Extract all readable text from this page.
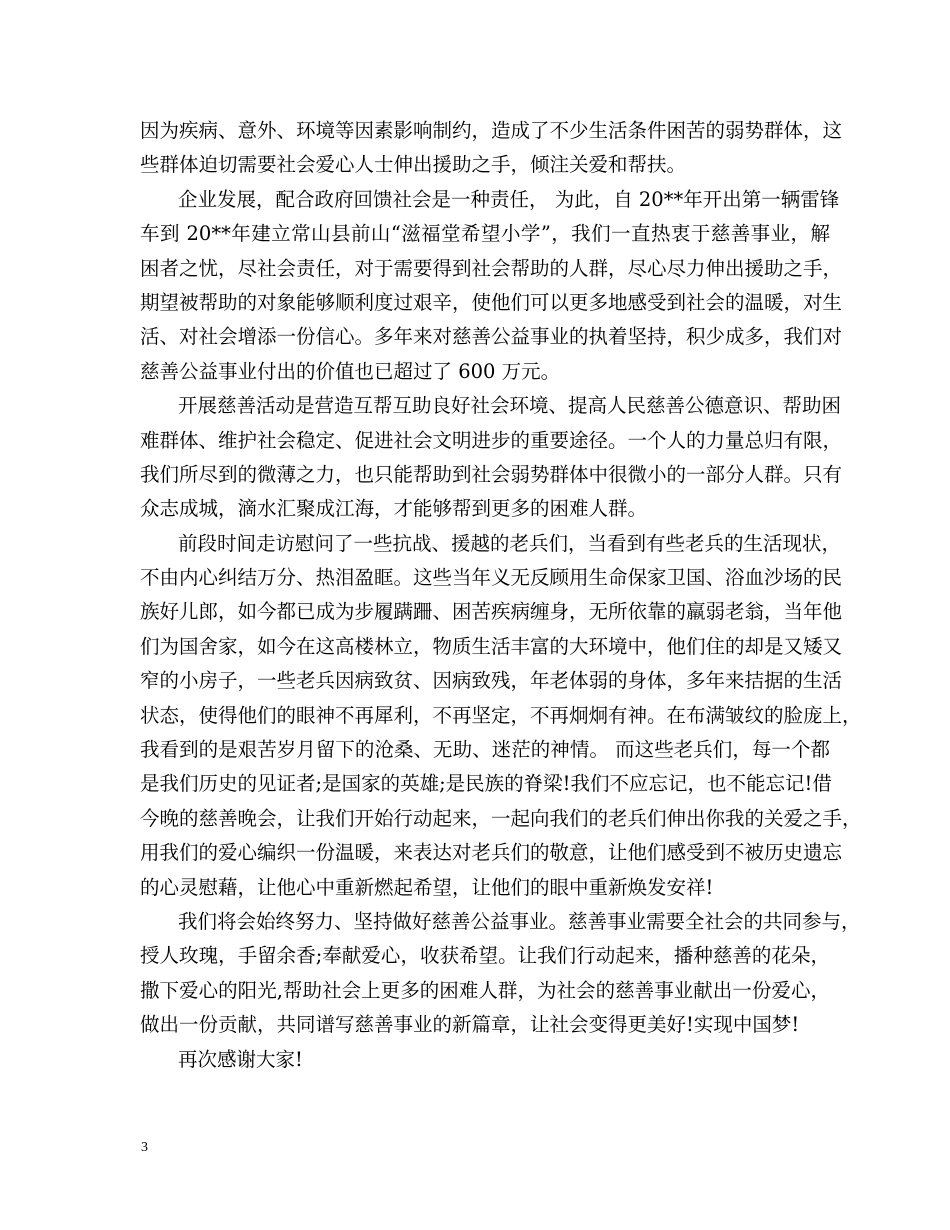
因为疾病、意外、环境等因素影响制约，造成了不少生活条件困苦的弱势群体，这
些群体迫切需要社会爱心人士伸出援助之手，倾注关爱和帮扶。
企业发展，配合政府回馈社会是一种责任， 为此，自 20**年开出第一辆雷锋
车到 20**年建立常山县前山“滋福堂希望小学”，我们一直热衷于慈善事业，解
困者之忧，尽社会责任，对于需要得到社会帮助的人群，尽心尽力伸出援助之手，
期望被帮助的对象能够顺利度过艰辛，使他们可以更多地感受到社会的温暖，对生
活、对社会增添一份信心。多年来对慈善公益事业的执着坚持，积少成多，我们对
慈善公益事业付出的价值也已超过了 600 万元。
开展慈善活动是营造互帮互助良好社会环境、提高人民慈善公德意识、帮助困
难群体、维护社会稳定、促进社会文明进步的重要途径。一个人的力量总归有限，
我们所尽到的微薄之力，也只能帮助到社会弱势群体中很微小的一部分人群。只有
众志成城，滴水汇聚成江海，才能够帮到更多的困难人群。
前段时间走访慰问了一些抗战、援越的老兵们，当看到有些老兵的生活现状，
不由内心纠结万分、热泪盈眶。这些当年义无反顾用生命保家卫国、浴血沙场的民
族好儿郎，如今都已成为步履蹒跚、困苦疾病缠身，无所依靠的羸弱老翁，当年他
们为国舍家，如今在这高楼林立，物质生活丰富的大环境中，他们住的却是又矮又
窄的小房子，一些老兵因病致贫、因病致残，年老体弱的身体，多年来拮据的生活
状态，使得他们的眼神不再犀利，不再坚定，不再炯炯有神。在布满皱纹的脸庞上，
我看到的是艰苦岁月留下的沧桑、无助、迷茫的神情。 而这些老兵们，每一个都
是我们历史的见证者;是国家的英雄;是民族的脊梁!我们不应忘记，也不能忘记!借
今晚的慈善晚会，让我们开始行动起来，一起向我们的老兵们伸出你我的关爱之手，
用我们的爱心编织一份温暖，来表达对老兵们的敬意，让他们感受到不被历史遗忘
的心灵慰藉，让他心中重新燃起希望，让他们的眼中重新焕发安祥!
我们将会始终努力、坚持做好慈善公益事业。慈善事业需要全社会的共同参与，
授人玫瑰，手留余香;奉献爱心，收获希望。让我们行动起来，播种慈善的花朵，
撒下爱心的阳光,帮助社会上更多的困难人群，为社会的慈善事业献出一份爱心，
做出一份贡献，共同谱写慈善事业的新篇章，让社会变得更美好!实现中国梦!
再次感谢大家!
3
